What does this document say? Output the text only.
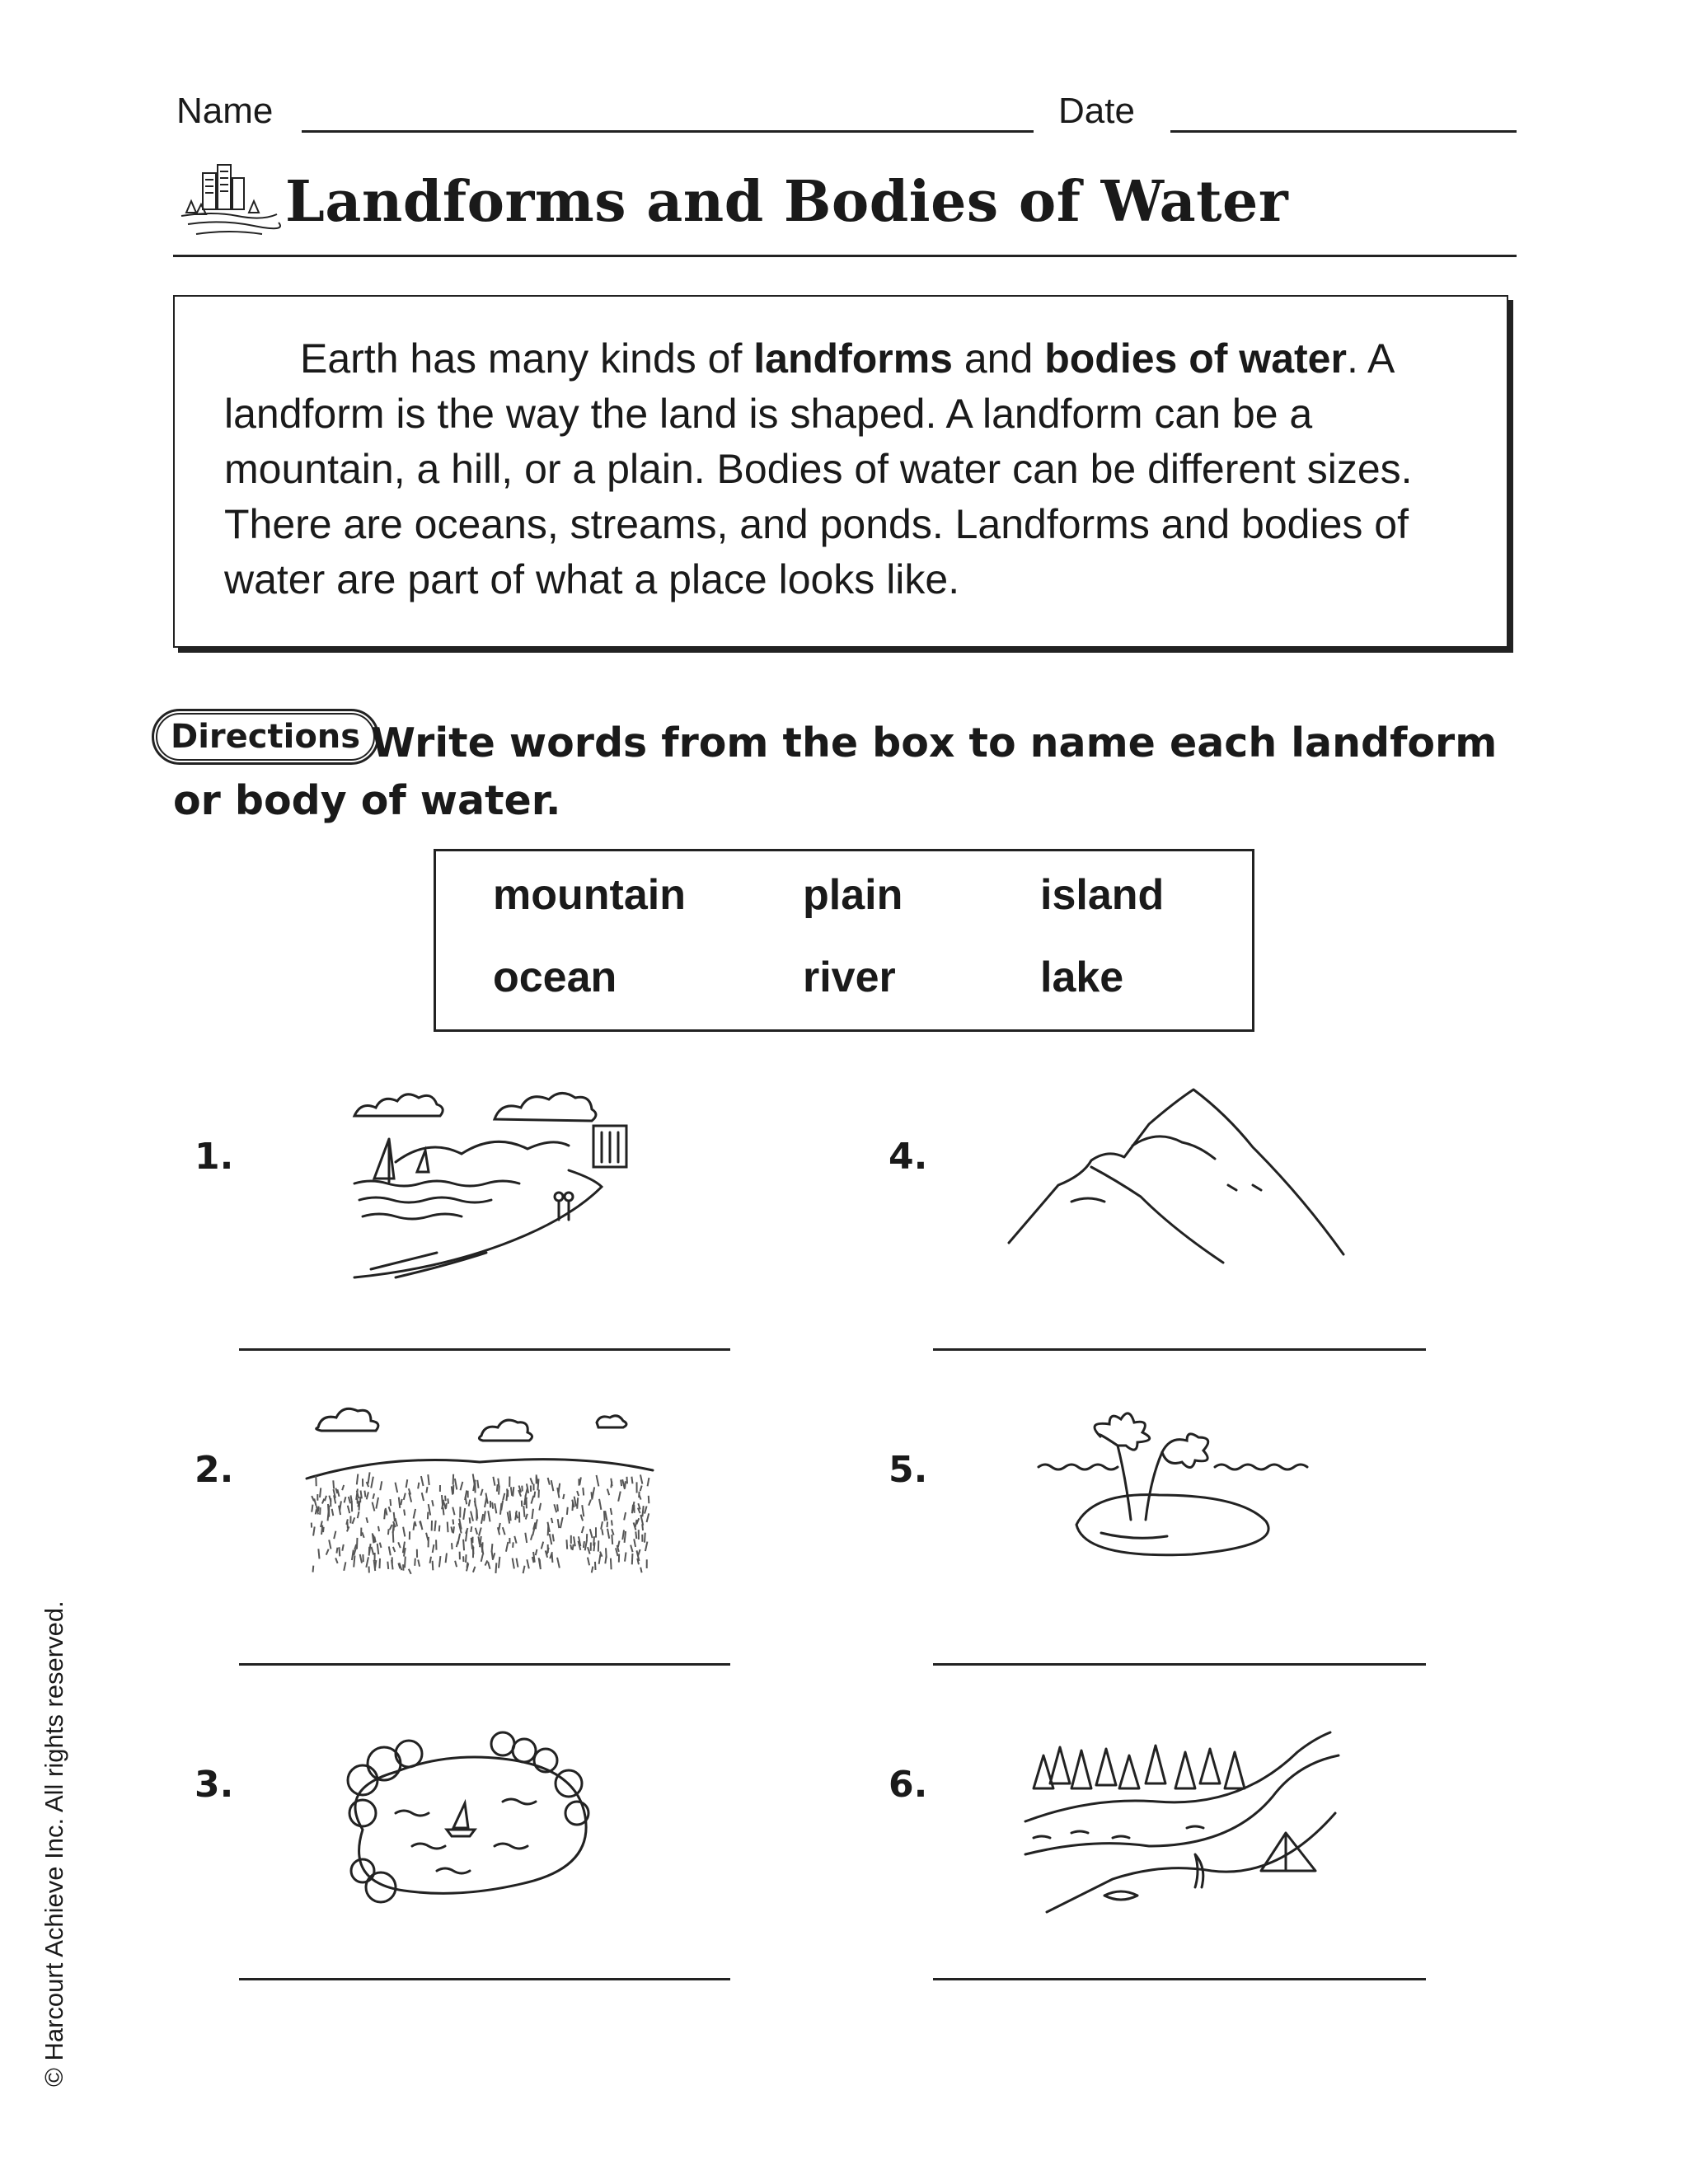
Name	Date
Landforms and Bodies of Water

Earth has many kinds of landforms and bodies of water. A landform is the way the land is shaped. A landform can be a mountain, a hill, or a plain. Bodies of water can be different sizes. There are oceans, streams, and ponds. Landforms and bodies of water are part of what a place looks like.

Directions Write words from the box to name each landform
or body of water.
mountain	plain	island
ocean	river	lake
1.
2.
3.
4.
5.
6.
© Harcourt Achieve Inc. All rights reserved.
